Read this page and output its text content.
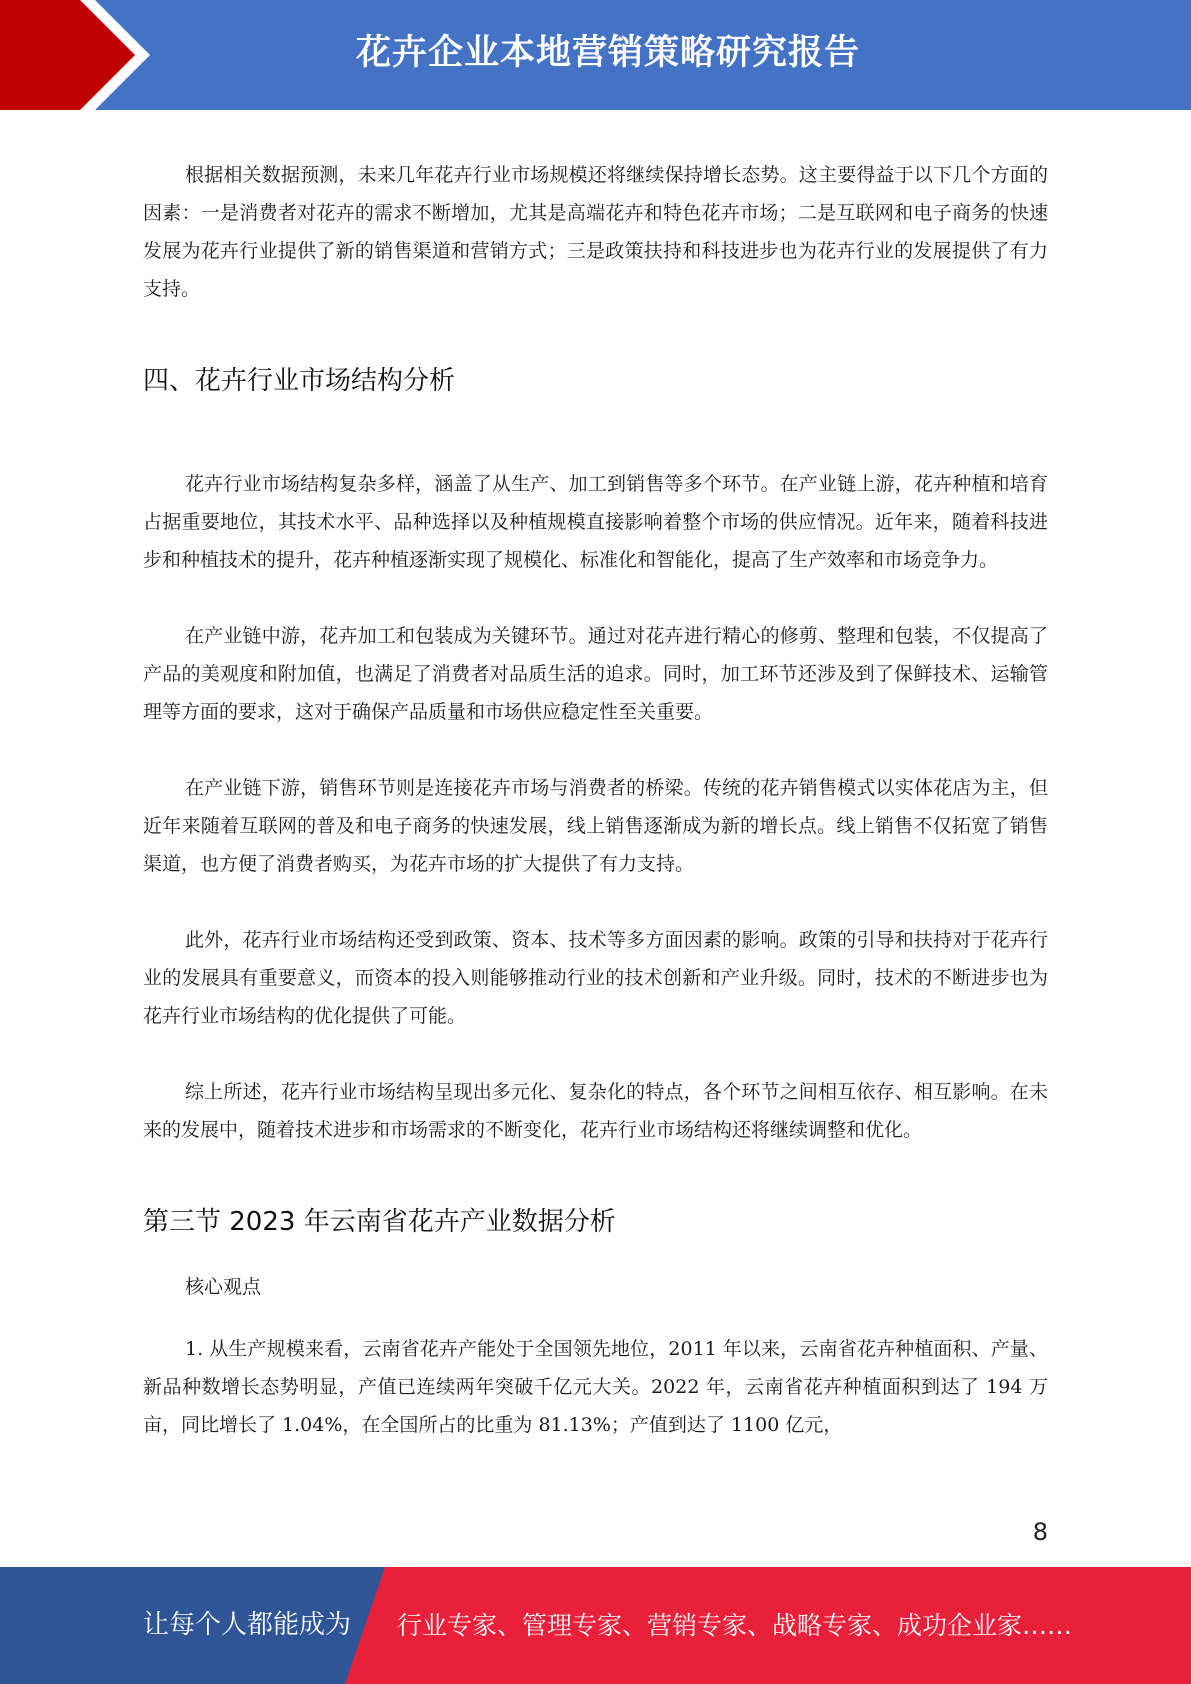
花卉企业本地营销策略研究报告

根据相关数据预测，未来几年花卉行业市场规模还将继续保持增长态势。这主要得益于以下几个方面的因素：一是消费者对花卉的需求不断增加，尤其是高端花卉和特色花卉市场；二是互联网和电子商务的快速发展为花卉行业提供了新的销售渠道和营销方式；三是政策扶持和科技进步也为花卉行业的发展提供了有力支持。

四、花卉行业市场结构分析

花卉行业市场结构复杂多样，涵盖了从生产、加工到销售等多个环节。在产业链上游，花卉种植和培育占据重要地位，其技术水平、品种选择以及种植规模直接影响着整个市场的供应情况。近年来，随着科技进步和种植技术的提升，花卉种植逐渐实现了规模化、标准化和智能化，提高了生产效率和市场竞争力。

在产业链中游，花卉加工和包装成为关键环节。通过对花卉进行精心的修剪、整理和包装，不仅提高了产品的美观度和附加值，也满足了消费者对品质生活的追求。同时，加工环节还涉及到了保鲜技术、运输管理等方面的要求，这对于确保产品质量和市场供应稳定性至关重要。

在产业链下游，销售环节则是连接花卉市场与消费者的桥梁。传统的花卉销售模式以实体花店为主，但近年来随着互联网的普及和电子商务的快速发展，线上销售逐渐成为新的增长点。线上销售不仅拓宽了销售渠道，也方便了消费者购买，为花卉市场的扩大提供了有力支持。

此外，花卉行业市场结构还受到政策、资本、技术等多方面因素的影响。政策的引导和扶持对于花卉行业的发展具有重要意义，而资本的投入则能够推动行业的技术创新和产业升级。同时，技术的不断进步也为花卉行业市场结构的优化提供了可能。

综上所述，花卉行业市场结构呈现出多元化、复杂化的特点，各个环节之间相互依存、相互影响。在未来的发展中，随着技术进步和市场需求的不断变化，花卉行业市场结构还将继续调整和优化。

第三节 2023 年云南省花卉产业数据分析

核心观点

1. 从生产规模来看，云南省花卉产能处于全国领先地位，2011 年以来，云南省花卉种植面积、产量、新品种数增长态势明显，产值已连续两年突破千亿元大关。2022 年，云南省花卉种植面积到达了 194 万亩，同比增长了 1.04%，在全国所占的比重为 81.13%；产值到达了 1100 亿元，

8
让每个人都能成为 行业专家、管理专家、营销专家、战略专家、成功企业家……
